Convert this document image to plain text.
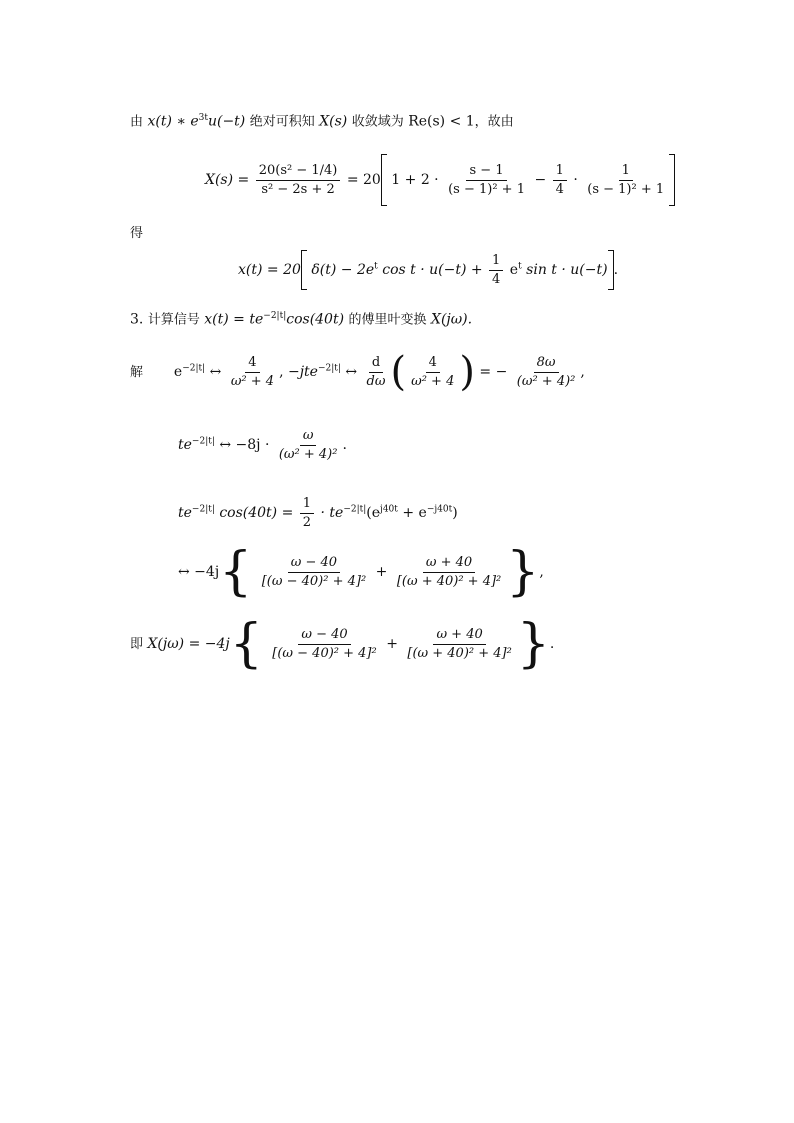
由 x(t) ∗ $e^{3t}u(-t)$ 绝对可积知 X(s) 收敛域为 Re(s) < 1，故由
$X(s) = \frac{\text{20(s² − 1/4)}}{\text{s² − 2s + 2}} = 20$ $1 + 2 \cdot \frac{s - 1}{\text{(s − 1)² + 1}} - \frac{1}{4} \cdot \frac{1}{\text{(s − 1)² + 1}}$
得
x(t) = 20 $\delta(t) - 2e^t$ $\cos t \cdot u(-t) + \frac{1}{4} e^t$ sin t · u(−t) .
3. 计算信号 $x(t) = te^{-2|t|}\cos(40t)$ 的傅里叶变换 X(jω).
解 $e^{-2|t|}$ ↔ $\frac{4}{\text{ω² + 4}}$ , −jte$^{-2|t|}$ ↔ $\frac{d}{d\omega}$ ( $\frac{4}{\text{ω² + 4}}$ ) = − $\frac{8\omega}{\text{(ω² + 4)²}}$ ,
$te^{-2|t|}$ ↔ $-8j \cdot \frac{\omega}{\text{(ω² + 4)²}}$ .
$te^{-2|t|}$ $\cos(40t) = \frac{1}{2} \cdot te^{-2|t|}(e^{j40t} + e^{-j40t})$
↔ $-4j\{ \frac{\omega - 40}{\text{[(ω − 40)² + 4]²}} + \frac{\omega + 40}{\text{[(ω + 40)² + 4]²}}$ },
即 $X(j\omega) = -4j\{ \frac{\omega - 40}{\text{[(ω − 40)² + 4]²}} + \frac{\omega + 40}{\text{[(ω + 40)² + 4]²}}$ }.
